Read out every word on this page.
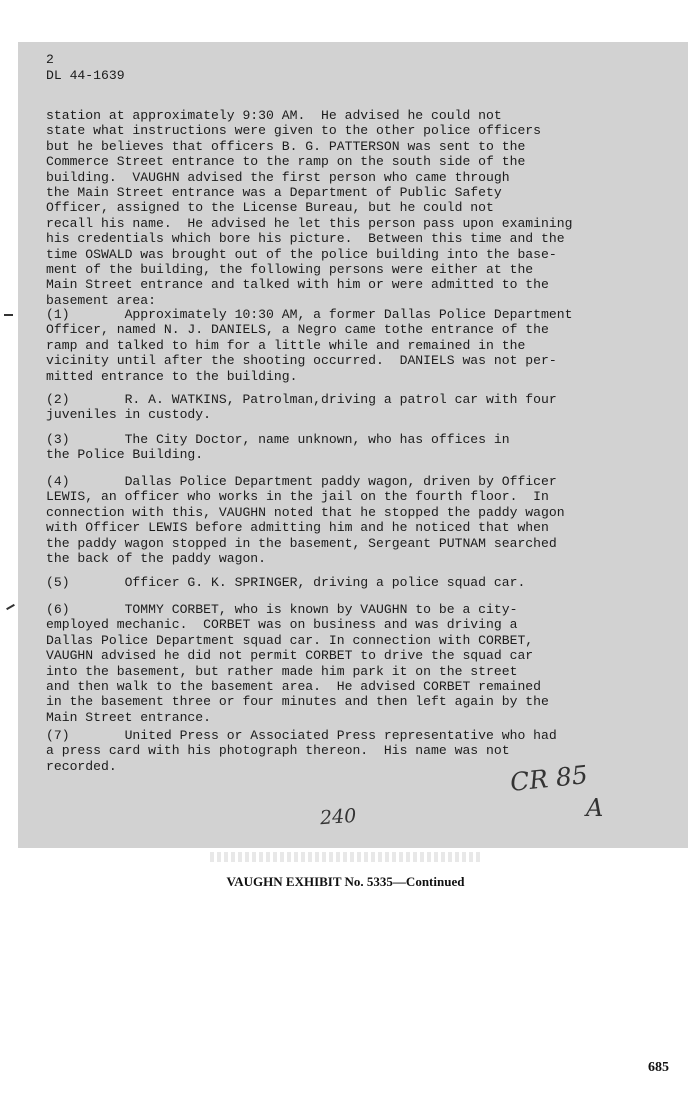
2
DL 44-1639
station at approximately 9:30 AM.  He advised he could not
state what instructions were given to the other police officers
but he believes that officers B. G. PATTERSON was sent to the
Commerce Street entrance to the ramp on the south side of the
building.  VAUGHN advised the first person who came through
the Main Street entrance was a Department of Public Safety
Officer, assigned to the License Bureau, but he could not
recall his name.  He advised he let this person pass upon examining
his credentials which bore his picture.  Between this time and the
time OSWALD was brought out of the police building into the base-
ment of the building, the following persons were either at the
Main Street entrance and talked with him or were admitted to the
basement area:
(1)       Approximately 10:30 AM, a former Dallas Police Department
Officer, named N. J. DANIELS, a Negro came tothe entrance of the
ramp and talked to him for a little while and remained in the
vicinity until after the shooting occurred.  DANIELS was not per-
mitted entrance to the building.
(2)       R. A. WATKINS, Patrolman,driving a patrol car with four
juveniles in custody.
(3)       The City Doctor, name unknown, who has offices in
the Police Building.
(4)       Dallas Police Department paddy wagon, driven by Officer
LEWIS, an officer who works in the jail on the fourth floor.  In
connection with this, VAUGHN noted that he stopped the paddy wagon
with Officer LEWIS before admitting him and he noticed that when
the paddy wagon stopped in the basement, Sergeant PUTNAM searched
the back of the paddy wagon.
(5)       Officer G. K. SPRINGER, driving a police squad car.
(6)       TOMMY CORBET, who is known by VAUGHN to be a city-
employed mechanic.  CORBET was on business and was driving a
Dallas Police Department squad car. In connection with CORBET,
VAUGHN advised he did not permit CORBET to drive the squad car
into the basement, but rather made him park it on the street
and then walk to the basement area.  He advised CORBET remained
in the basement three or four minutes and then left again by the
Main Street entrance.
(7)       United Press or Associated Press representative who had
a press card with his photograph thereon.  His name was not
recorded.	CR 85
240	A
VAUGHN EXHIBIT No. 5335—Continued
685
